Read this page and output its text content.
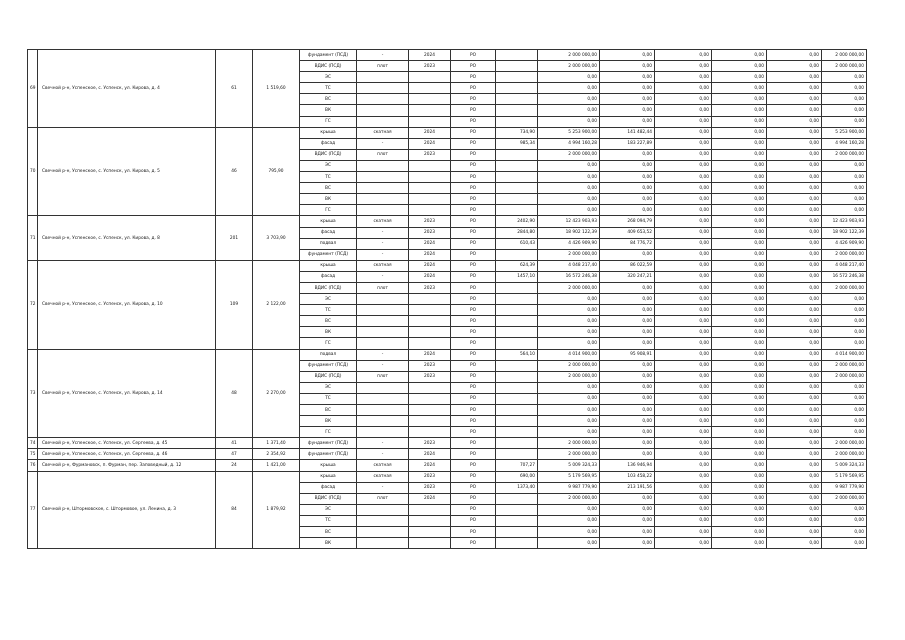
69	Свечной р-н, Успенское, с. Успенск, ул. Кирова, д. 4	61	1 519,60	фундамент (ПСД)	-	2024	РО		2 000 000,00	0,00	0,00	0,00	0,00	2 000 000,00
				ВДИС (ПСД)	плот	2023	РО		2 000 000,00	0,00	0,00	0,00	0,00	2 000 000,00
				ЭС			РО		0,00	0,00	0,00	0,00	0,00	0,00
				ТС			РО		0,00	0,00	0,00	0,00	0,00	0,00
				ВС			РО		0,00	0,00	0,00	0,00	0,00	0,00
				ВК			РО		0,00	0,00	0,00	0,00	0,00	0,00
				ГС			РО		0,00	0,00	0,00	0,00	0,00	0,00
70	Свечной р-н, Успенское, с. Успенск, ул. Кирова, д. 5	46	795,90	крыша	скатная	2024	РО	734,90	5 253 900,00	141 482,44	0,00	0,00	0,00	5 253 900,00
				фасад	-	2024	РО	985,34	4 994 160,28	183 227,89	0,00	0,00	0,00	4 994 160,28
				ВДИС (ПСД)	плот	2023	РО		2 000 000,00	0,00	0,00	0,00	0,00	2 000 000,00
				ЭС			РО		0,00	0,00	0,00	0,00	0,00	0,00
				ТС			РО		0,00	0,00	0,00	0,00	0,00	0,00
				ВС			РО		0,00	0,00	0,00	0,00	0,00	0,00
				ВК			РО		0,00	0,00	0,00	0,00	0,00	0,00
				ГС			РО		0,00	0,00	0,00	0,00	0,00	0,00
71	Свечной р-н, Успенское, с. Успенск, ул. Кирова, д. 8	201	3 703,90	крыша	скатная	2023	РО	2402,90	12 423 903,93	268 094,79	0,00	0,00	0,00	12 423 903,93
				фасад	-	2023	РО	2844,80	18 902 122,39	409 653,52	0,00	0,00	0,00	18 902 122,39
				подвал	-	2024	РО	610,43	4 426 909,90	84 776,72	0,00	0,00	0,00	4 426 909,90
				фундамент (ПСД)	-	2024	РО		2 000 000,00	0,00	0,00	0,00	0,00	2 000 000,00
72	Свечной р-н, Успенское, с. Успенск, ул. Кирова, д. 10	109	2 122,00	крыша	скатная	2024	РО	624,39	4 048 217,40	86 022,59	0,00	0,00	0,00	4 048 217,40
				фасад	-	2024	РО	1457,10	16 572 246,38	320 247,21	0,00	0,00	0,00	16 572 246,38
				ВДИС (ПСД)	плот	2023	РО		2 000 000,00	0,00	0,00	0,00	0,00	2 000 000,00
				ЭС			РО		0,00	0,00	0,00	0,00	0,00	0,00
				ТС			РО		0,00	0,00	0,00	0,00	0,00	0,00
				ВС			РО		0,00	0,00	0,00	0,00	0,00	0,00
				ВК			РО		0,00	0,00	0,00	0,00	0,00	0,00
				ГС			РО		0,00	0,00	0,00	0,00	0,00	0,00
73	Свечной р-н, Успенское, с. Успенск, ул. Кирова, д. 14	48	2 270,00	подвал	-	2024	РО	564,10	4 014 900,00	95 908,91	0,00	0,00	0,00	4 014 900,00
				фундамент (ПСД)	-	2023	РО		2 000 000,00	0,00	0,00	0,00	0,00	2 000 000,00
				ВДИС (ПСД)	плот	2023	РО		2 000 000,00	0,00	0,00	0,00	0,00	2 000 000,00
				ЭС			РО		0,00	0,00	0,00	0,00	0,00	0,00
				ТС			РО		0,00	0,00	0,00	0,00	0,00	0,00
				ВС			РО		0,00	0,00	0,00	0,00	0,00	0,00
				ВК			РО		0,00	0,00	0,00	0,00	0,00	0,00
				ГС			РО		0,00	0,00	0,00	0,00	0,00	0,00
74	Свечной р-н, Успенское, с. Успенск, ул. Сергеева, д. 45	41	1 371,40	фундамент (ПСД)	-	2023	РО		2 000 000,00	0,00	0,00	0,00	0,00	2 000 000,00
75	Свечной р-н, Успенское, с. Успенск, ул. Сергеева, д. 46	47	2 354,92	фундамент (ПСД)	-	2024	РО		2 000 000,00	0,00	0,00	0,00	0,00	2 000 000,00
76	Свечной р-н, Фурмановск, п. Фурман, пер. Заповедный, д. 12	24	1 421,00	крыша	скатная	2024	РО	707,27	5 009 324,33	136 946,94	0,00	0,00	0,00	5 009 324,33
77	Свечной р-н, Штормовское, с. Штормовое, ул. Ленина, д. 3	84	1 879,92	крыша	скатная	2023	РО	690,00	5 179 569,95	103 458,22	0,00	0,00	0,00	5 179 569,95
				фасад	-	2023	РО	1373,40	9 987 779,90	213 191,56	0,00	0,00	0,00	9 987 779,90
				ВДИС (ПСД)	плот	2024	РО		2 000 000,00	0,00	0,00	0,00	0,00	2 000 000,00
				ЭС			РО		0,00	0,00	0,00	0,00	0,00	0,00
				ТС			РО		0,00	0,00	0,00	0,00	0,00	0,00
				ВС			РО		0,00	0,00	0,00	0,00	0,00	0,00
				ВК			РО		0,00	0,00	0,00	0,00	0,00	0,00
